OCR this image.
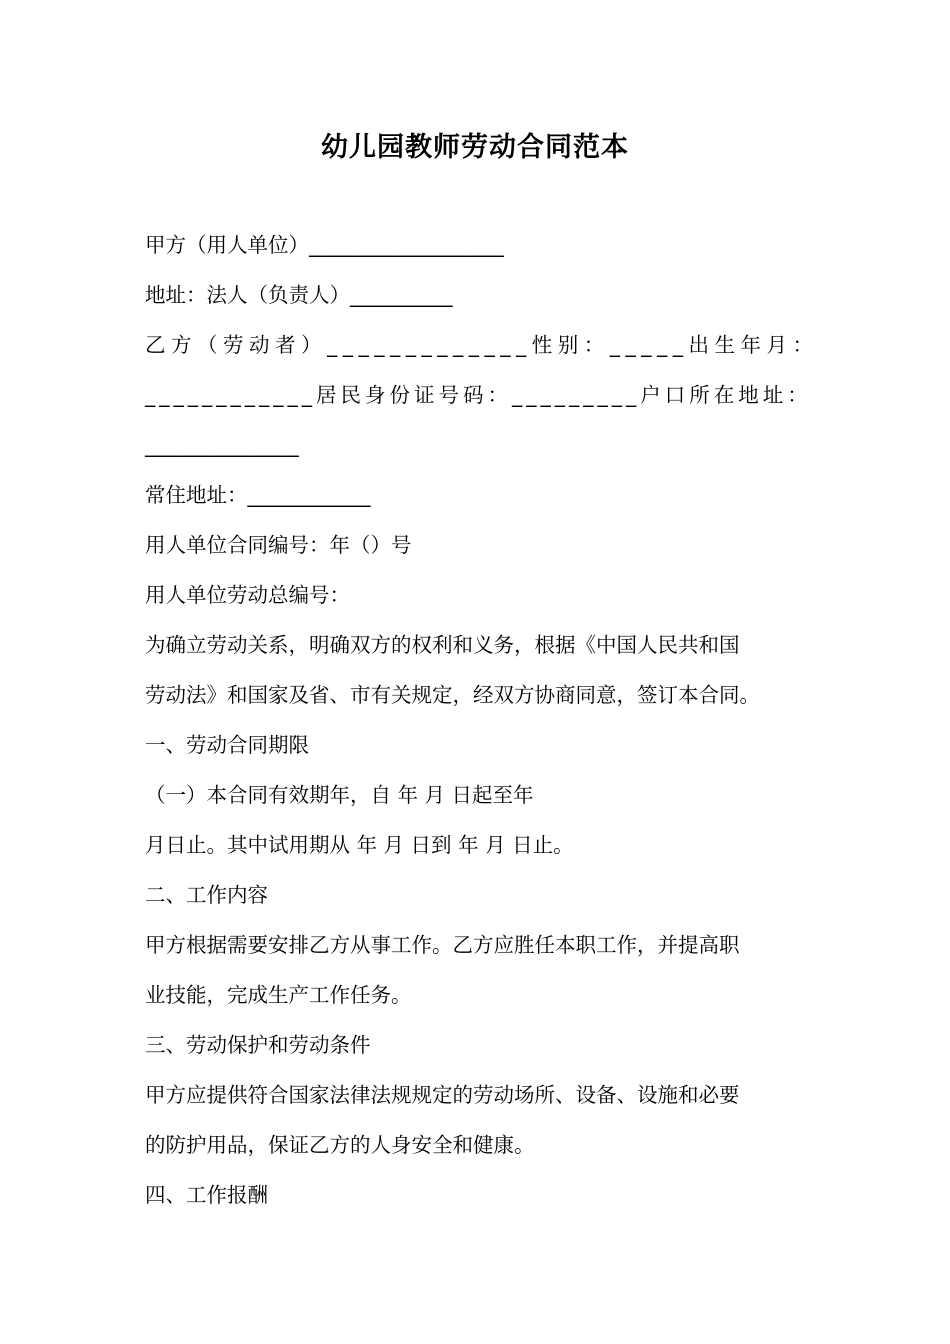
幼儿园教师劳动合同范本
甲方（用人单位）___________________
地址：法人（负责人）__________
乙方（劳动者）_____________性别：_____出生年月：
____________居民身份证号码：_________户口所在地址：
_______________
常住地址：____________
用人单位合同编号：年（）号
用人单位劳动总编号：
为确立劳动关系，明确双方的权利和义务，根据《中国人民共和国
劳动法》和国家及省、市有关规定，经双方协商同意，签订本合同。
一、劳动合同期限
（一）本合同有效期年，自 年 月 日起至年
月日止。其中试用期从 年 月 日到 年 月 日止。
二、工作内容
甲方根据需要安排乙方从事工作。乙方应胜任本职工作，并提高职
业技能，完成生产工作任务。
三、劳动保护和劳动条件
甲方应提供符合国家法律法规规定的劳动场所、设备、设施和必要
的防护用品，保证乙方的人身安全和健康。
四、工作报酬
